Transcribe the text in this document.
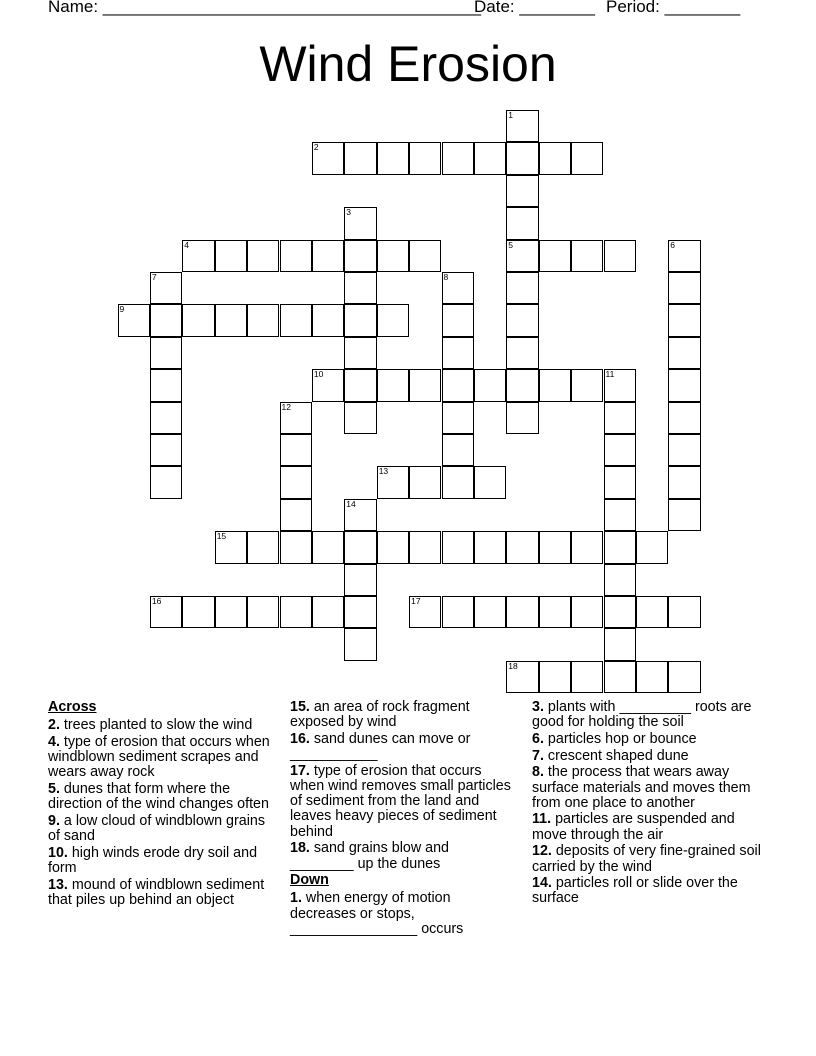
Name: ________________________________________
Date: ________ Period: ________
Wind Erosion
1
2
3
4	5	6
7	8
9
10	11
12
13
14
15
16	17
18
Across
2. trees planted to slow the wind
4. type of erosion that occurs when windblown sediment scrapes and wears away rock
5. dunes that form where the direction of the wind changes often
9. a low cloud of windblown grains of sand
10. high winds erode dry soil and form
13. mound of windblown sediment that piles up behind an object
15. an area of rock fragment exposed by wind
16. sand dunes can move or ___________
17. type of erosion that occurs when wind removes small particles of sediment from the land and leaves heavy pieces of sediment behind
18. sand grains blow and ________ up the dunes
Down
1. when energy of motion decreases or stops, ________________ occurs
3. plants with _________ roots are good for holding the soil
6. particles hop or bounce
7. crescent shaped dune
8. the process that wears away surface materials and moves them from one place to another
11. particles are suspended and move through the air
12. deposits of very fine-grained soil carried by the wind
14. particles roll or slide over the surface
